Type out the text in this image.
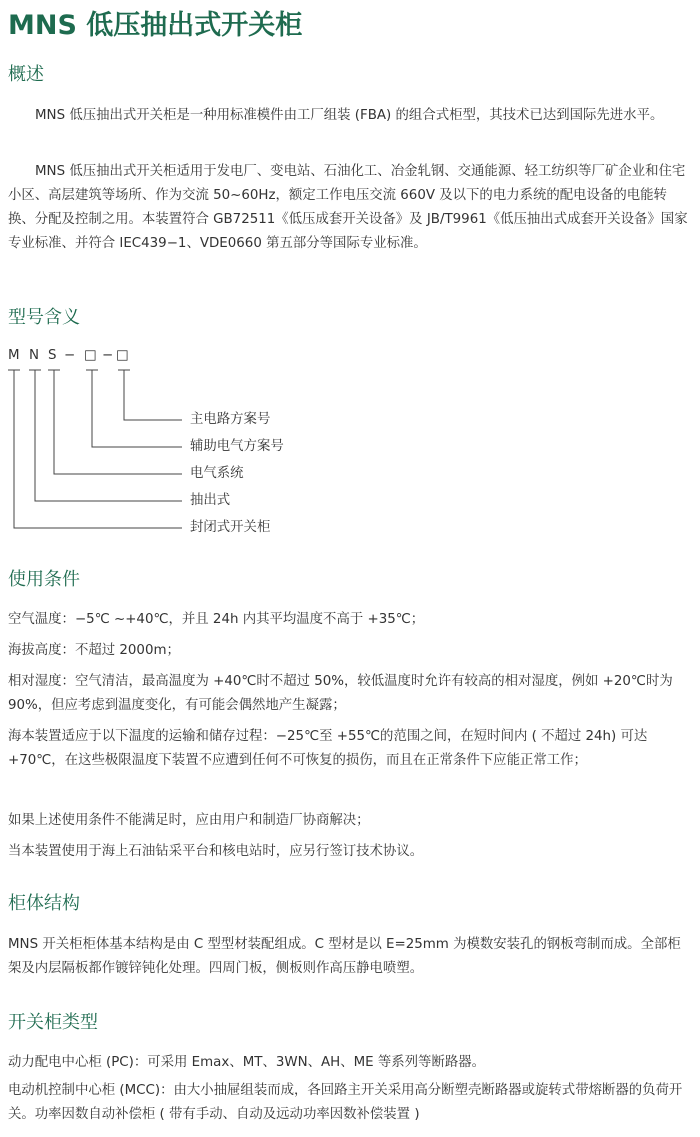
MNS 低压抽出式开关柜
概述

MNS 低压抽出式开关柜是一种用标准模件由工厂组装 (FBA) 的组合式柜型，其技术已达到国际先进水平。

MNS 低压抽出式开关柜适用于发电厂、变电站、石油化工、冶金轧钢、交通能源、轻工纺织等厂矿企业和住宅小区、高层建筑等场所、作为交流 50~60Hz，额定工作电压交流 660V 及以下的电力系统的配电设备的电能转换、分配及控制之用。本装置符合 GB72511《低压成套开关设备》及 JB/T9961《低压抽出式成套开关设备》国家专业标准、并符合 IEC439−1、VDE0660 第五部分等国际专业标准。

型号含义
M N S − □ − □
主电路方案号
辅助电气方案号
电气系统
抽出式
封闭式开关柜
使用条件

空气温度：−5℃ ~+40℃，并且 24h 内其平均温度不高于 +35℃；

海拔高度：不超过 2000m；

相对湿度：空气清洁，最高温度为 +40℃时不超过 50%，较低温度时允许有较高的相对湿度，例如 +20℃时为 90%，但应考虑到温度变化，有可能会偶然地产生凝露；

海本装置适应于以下温度的运输和储存过程：−25℃至 +55℃的范围之间，在短时间内 ( 不超过 24h) 可达 +70℃，在这些极限温度下装置不应遭到任何不可恢复的损伤，而且在正常条件下应能正常工作；

如果上述使用条件不能满足时，应由用户和制造厂协商解决；

当本装置使用于海上石油钻采平台和核电站时，应另行签订技术协议。

柜体结构

MNS 开关柜柜体基本结构是由 C 型型材装配组成。C 型材是以 E=25mm 为模数安装孔的钢板弯制而成。全部柜架及内层隔板都作镀锌钝化处理。四周门板，侧板则作高压静电喷塑。

开关柜类型

动力配电中心柜 (PC)：可采用 Emax、MT、3WN、AH、ME 等系列等断路器。

电动机控制中心柜 (MCC)：由大小抽屉组装而成，各回路主开关采用高分断塑壳断路器或旋转式带熔断器的负荷开关。功率因数自动补偿柜 ( 带有手动、自动及远动功率因数补偿装置 )
